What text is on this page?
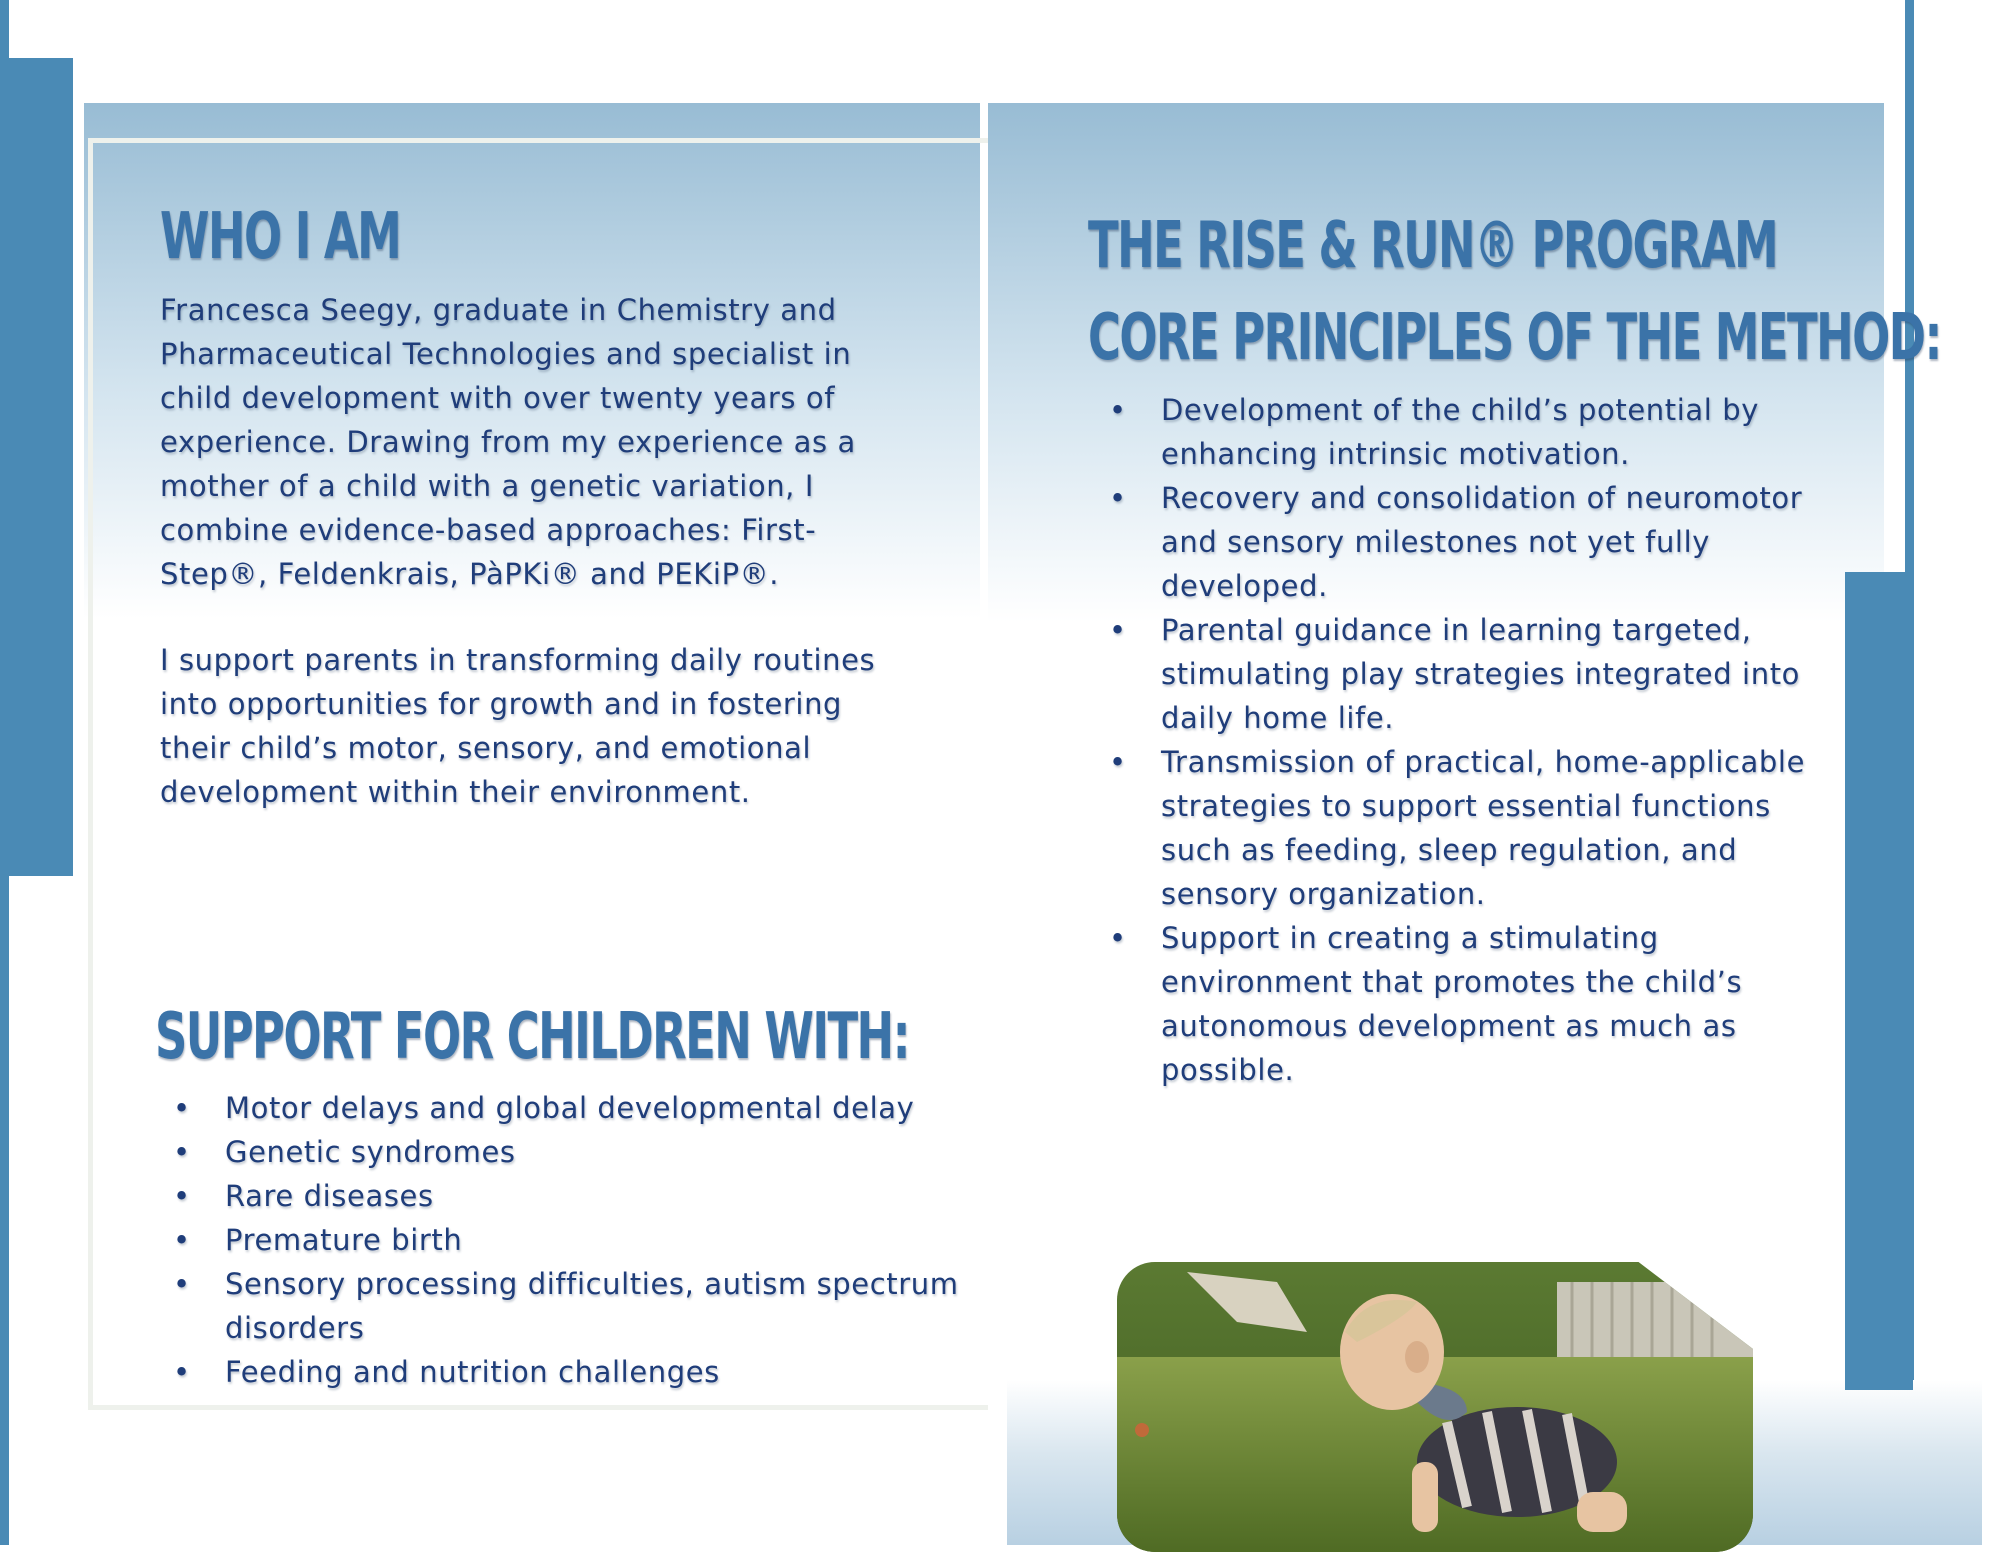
WHO I AM

Francesca Seegy, graduate in Chemistry and Pharmaceutical Technologies and specialist in child development with over twenty years of experience. Drawing from my experience as a mother of a child with a genetic variation, I combine evidence-based approaches: First-Step®, Feldenkrais, PàPKi® and PEKiP®.

I support parents in transforming daily routines into opportunities for growth and in fostering their child’s motor, sensory, and emotional development within their environment.

THE RISE & RUN® PROGRAM
CORE PRINCIPLES OF THE METHOD:
• Development of the child’s potential by enhancing intrinsic motivation.
• Recovery and consolidation of neuromotor and sensory milestones not yet fully developed.
• Parental guidance in learning targeted, stimulating play strategies integrated into daily home life.
• Transmission of practical, home-applicable strategies to support essential functions such as feeding, sleep regulation, and sensory organization.
• Support in creating a stimulating environment that promotes the child’s autonomous development as much as possible.
SUPPORT FOR CHILDREN WITH:
• Motor delays and global developmental delay
• Genetic syndromes
• Rare diseases
• Premature birth
• Sensory processing difficulties, autism spectrum disorders
• Feeding and nutrition challenges
